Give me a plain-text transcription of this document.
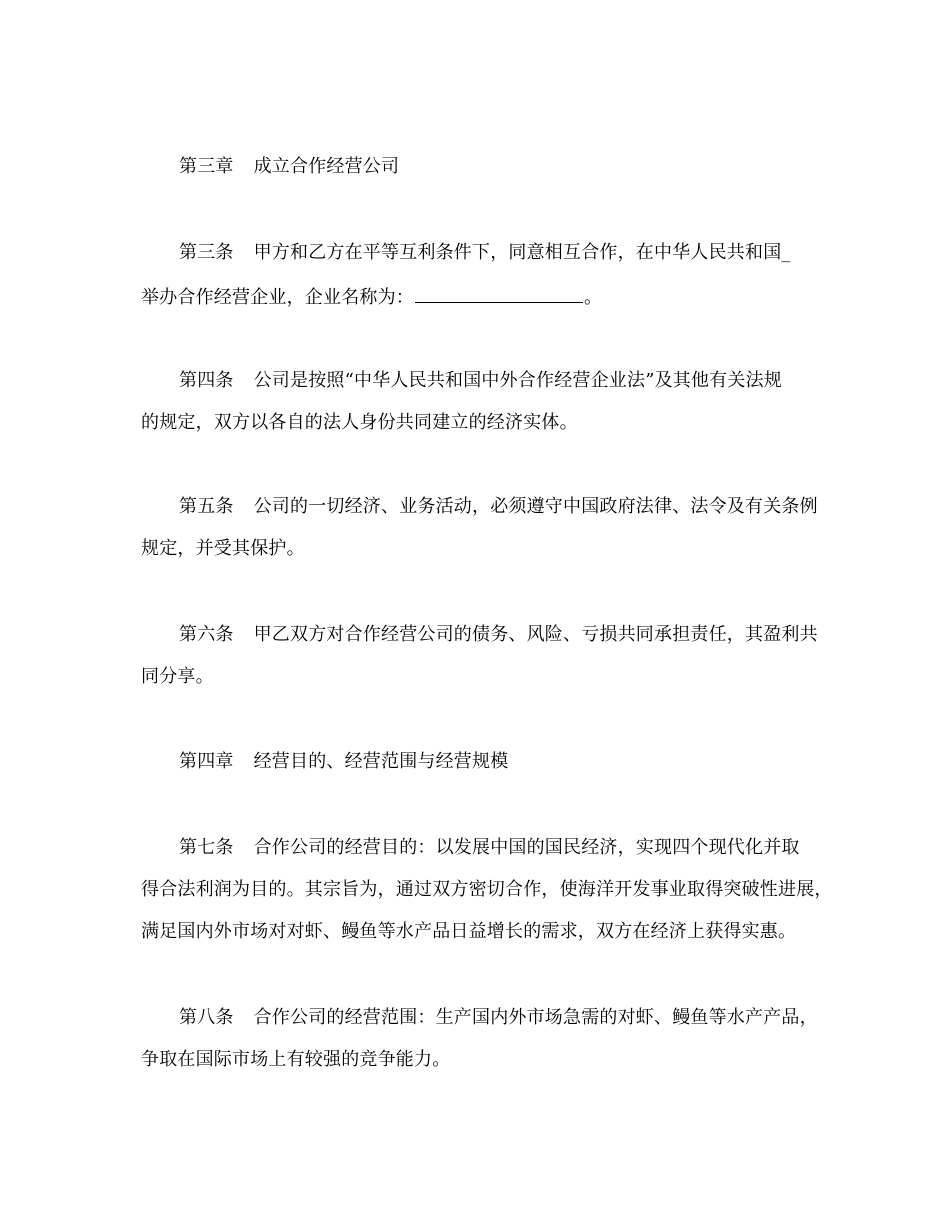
第三章 成立合作经营公司
第三条 甲方和乙方在平等互利条件下，同意相互合作，在中华人民共和国_
举办合作经营企业，企业名称为：	。
第四条 公司是按照“中华人民共和国中外合作经营企业法”及其他有关法规
的规定，双方以各自的法人身份共同建立的经济实体。
第五条 公司的一切经济、业务活动，必须遵守中国政府法律、法令及有关条例
规定，并受其保护。
第六条 甲乙双方对合作经营公司的债务、风险、亏损共同承担责任，其盈利共
同分享。
第四章 经营目的、经营范围与经营规模
第七条 合作公司的经营目的：以发展中国的国民经济，实现四个现代化并取
得合法利润为目的。其宗旨为，通过双方密切合作，使海洋开发事业取得突破性进展，
满足国内外市场对对虾、鳗鱼等水产品日益增长的需求，双方在经济上获得实惠。
第八条 合作公司的经营范围：生产国内外市场急需的对虾、鳗鱼等水产产品，
争取在国际市场上有较强的竞争能力。
